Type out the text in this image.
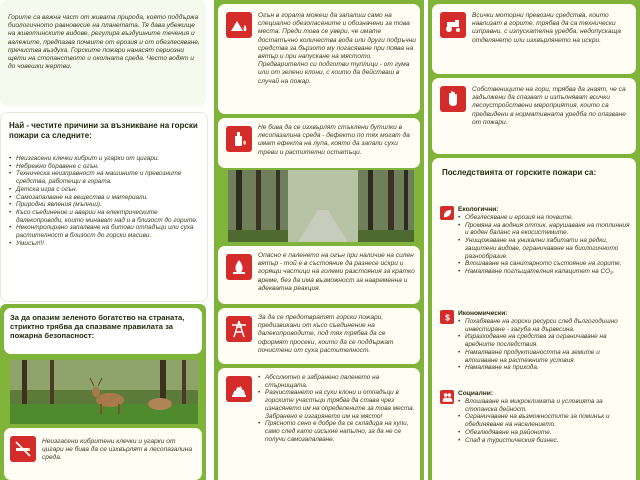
Горите са важна част от живата природа, която поддържа биологичното равновесие на планетата. Тя дава убежище на животинските видове, регулира въздушните течения и валежите, предпазва почвите от ерозия и от обезлесяване, пречиства въздуха. Горските пожари нанасят сериозни щети на стопанството и околната среда. Често водят и до човешки жертви.
Най - честите причини за възникване на горски пожари са следните:
• Неизгасени клечки кибрит и угарки от цигари.
• Небрежно боравене с огън.
• Техническа неизправност на машините и превозните средства, работещи в гората.
• Детска игра с огън.
• Самозапалване на вещества и материали.
• Природни явления (мълнии).
• Късо съединение и аварии на електрическите далекопроводи, които минават над и в близост до горите.
• Неконтролирано запалване на битови отпадъци или суха растителност в близост до горски масиви.
• Умисъл!!!
За да опазим зеленото богатство на страната, стриктно трябва да спазваме правилата за пожарна безопасност:
Неизгасени кибритени клечки и угарки от цигари не бива да се изхвърлят в лесопазалина среда.
Огън в гората можеш да запалиш само на специално обезопасените и обозначени за това места. Преди това се увери, че имате достатъчно количества вода или други подръчни средства за бързото му погасяване при поява на вятър и при напускане на мястото. Предварително си подготви туплици - от гума или от зелени клони, с които да действаш в случай на пожар.
Не бива да се изхвърлят стъклени бутилки в лесопазалина среда - дефекти по тях могат да имат ефекта на лупа, която да запали сухи треви и растителни остатъци.
Опасно е паленето на огън при наличие на силен вятър - той е в състояние да разнесе искри и горящи частици на големи разстояния за кратко време, без да има възможност за навременна и адекватна реакция.
За да се предотвратят горски пожари, предизвикани от късо съединение на далекопроводите, под тях трябва да се оформят просеки, които да се поддържат почистени от суха растителност.
• Абсолютно е забранено паленето на стърнищата.
• Разчистването на сухи клони и отпадъци в горските участъци трябва да става чрез изнасянето им на определените за това места. Забранено е изгарянето им на място!
• Пряснoто сено е добре да се складира на купи, само след като изсъхне напълно, за да не се получи самозапалване.
Всички моторни превозни средства, които навлизат в горите, трябва да са технически изправни, с изпускателна уредба, недопускаща отделянето или изхвърлянето на искри.
Собствениците на гори, трябва да знаят, че са задължени да спазват и изпълняват всички лесоустройствени мероприятия, които са предвидени в нормативната уредба по опазване от пожари.
Последствията от горските пожари са:
Екологични:
• Обезлесяване и ерозия на почвите.
• Промяна на водния оттик, нарушаване на топлинния и воден баланс на екосистемите.
• Унищожаване на уникални хабитати на редки, защитени видове, ограничаване на биологичното разнообразие.
• Влошаване на санитарното състояние на горите.
• Намаляване поглъщателния капацитет на CO₂.
$ Икономически:
• Похабяване на горски ресурси след дългогодишно инвестиране - загуба на дървесина.
• Изразходване на средства за ограничаване на вредните последствия.
• Намаляване продуктивността на земите и влошаване на растежните условия.
• Намаляване на прихода.
Социални:
• Влошаване на микроклимата и условията за стопанска дейност.
• Ограничаване на възможностите за поминък и обединяване на населението.
• Обезлюдяване на районите.
• Спад в туристическия бизнес.
